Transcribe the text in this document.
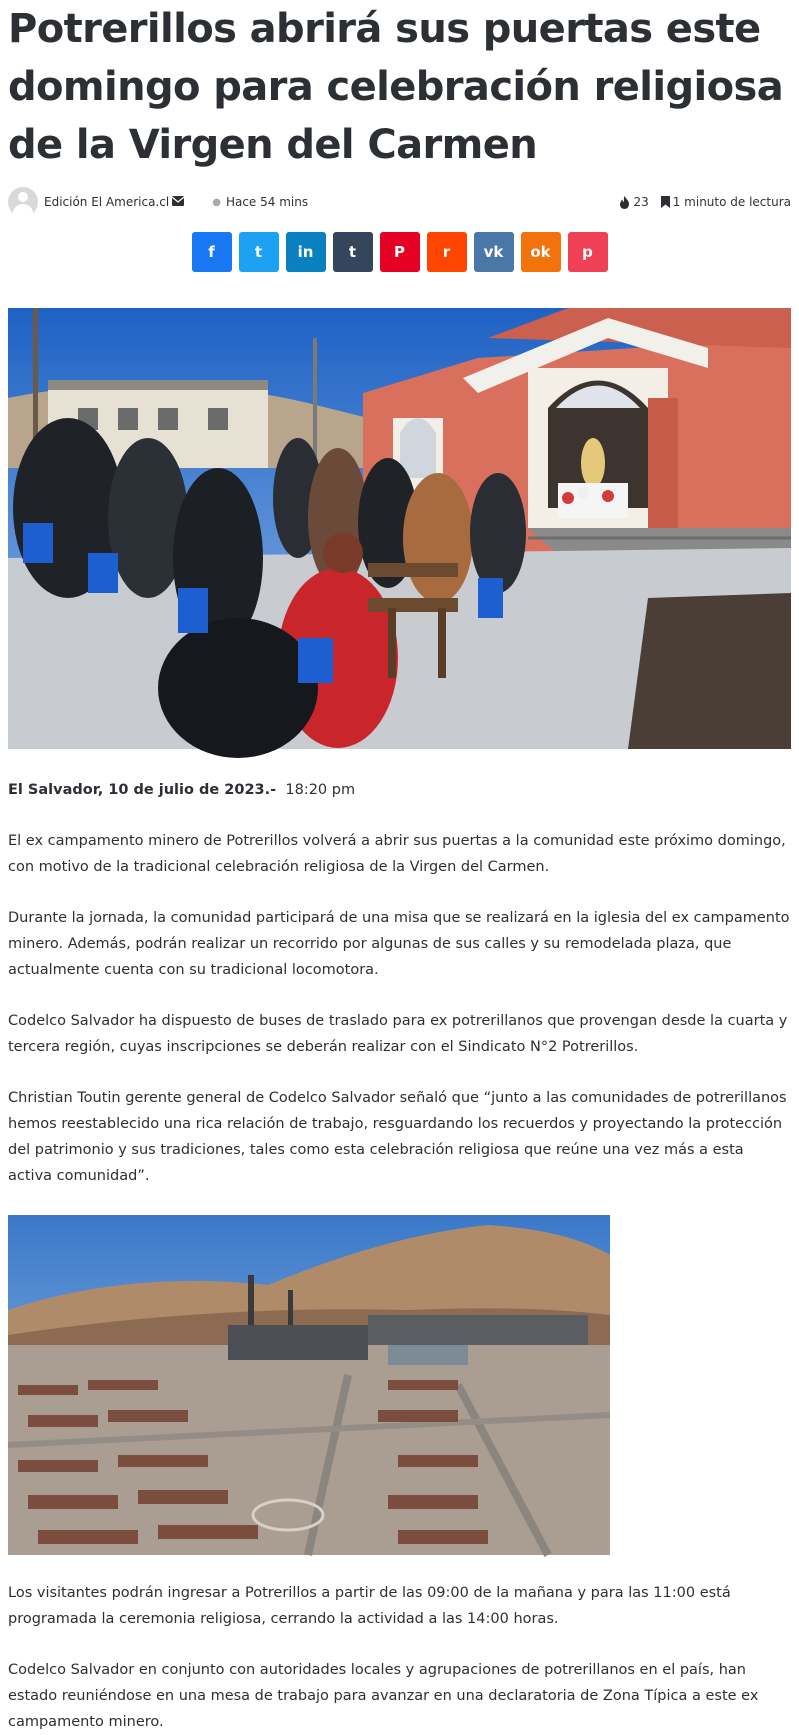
Potrerillos abrirá sus puertas este domingo para celebración religiosa de la Virgen del Carmen
Edición El America.cl	● Hace 54 mins	23 1 minuto de lectura
f	t in t	P	r vk ok p
El Salvador, 10 de julio de 2023.- 18:20 pm

El ex campamento minero de Potrerillos volverá a abrir sus puertas a la comunidad este próximo domingo, con motivo de la tradicional celebración religiosa de la Virgen del Carmen.

Durante la jornada, la comunidad participará de una misa que se realizará en la iglesia del ex campamento minero. Además, podrán realizar un recorrido por algunas de sus calles y su remodelada plaza, que actualmente cuenta con su tradicional locomotora.

Codelco Salvador ha dispuesto de buses de traslado para ex potrerillanos que provengan desde la cuarta y tercera región, cuyas inscripciones se deberán realizar con el Sindicato N°2 Potrerillos.

Christian Toutin gerente general de Codelco Salvador señaló que “junto a las comunidades de potrerillanos hemos reestablecido una rica relación de trabajo, resguardando los recuerdos y proyectando la protección del patrimonio y sus tradiciones, tales como esta celebración religiosa que reúne una vez más a esta activa comunidad”.

Los visitantes podrán ingresar a Potrerillos a partir de las 09:00 de la mañana y para las 11:00 está programada la ceremonia religiosa, cerrando la actividad a las 14:00 horas.

Codelco Salvador en conjunto con autoridades locales y agrupaciones de potrerillanos en el país, han estado reuniéndose en una mesa de trabajo para avanzar en una declaratoria de Zona Típica a este ex campamento minero.
